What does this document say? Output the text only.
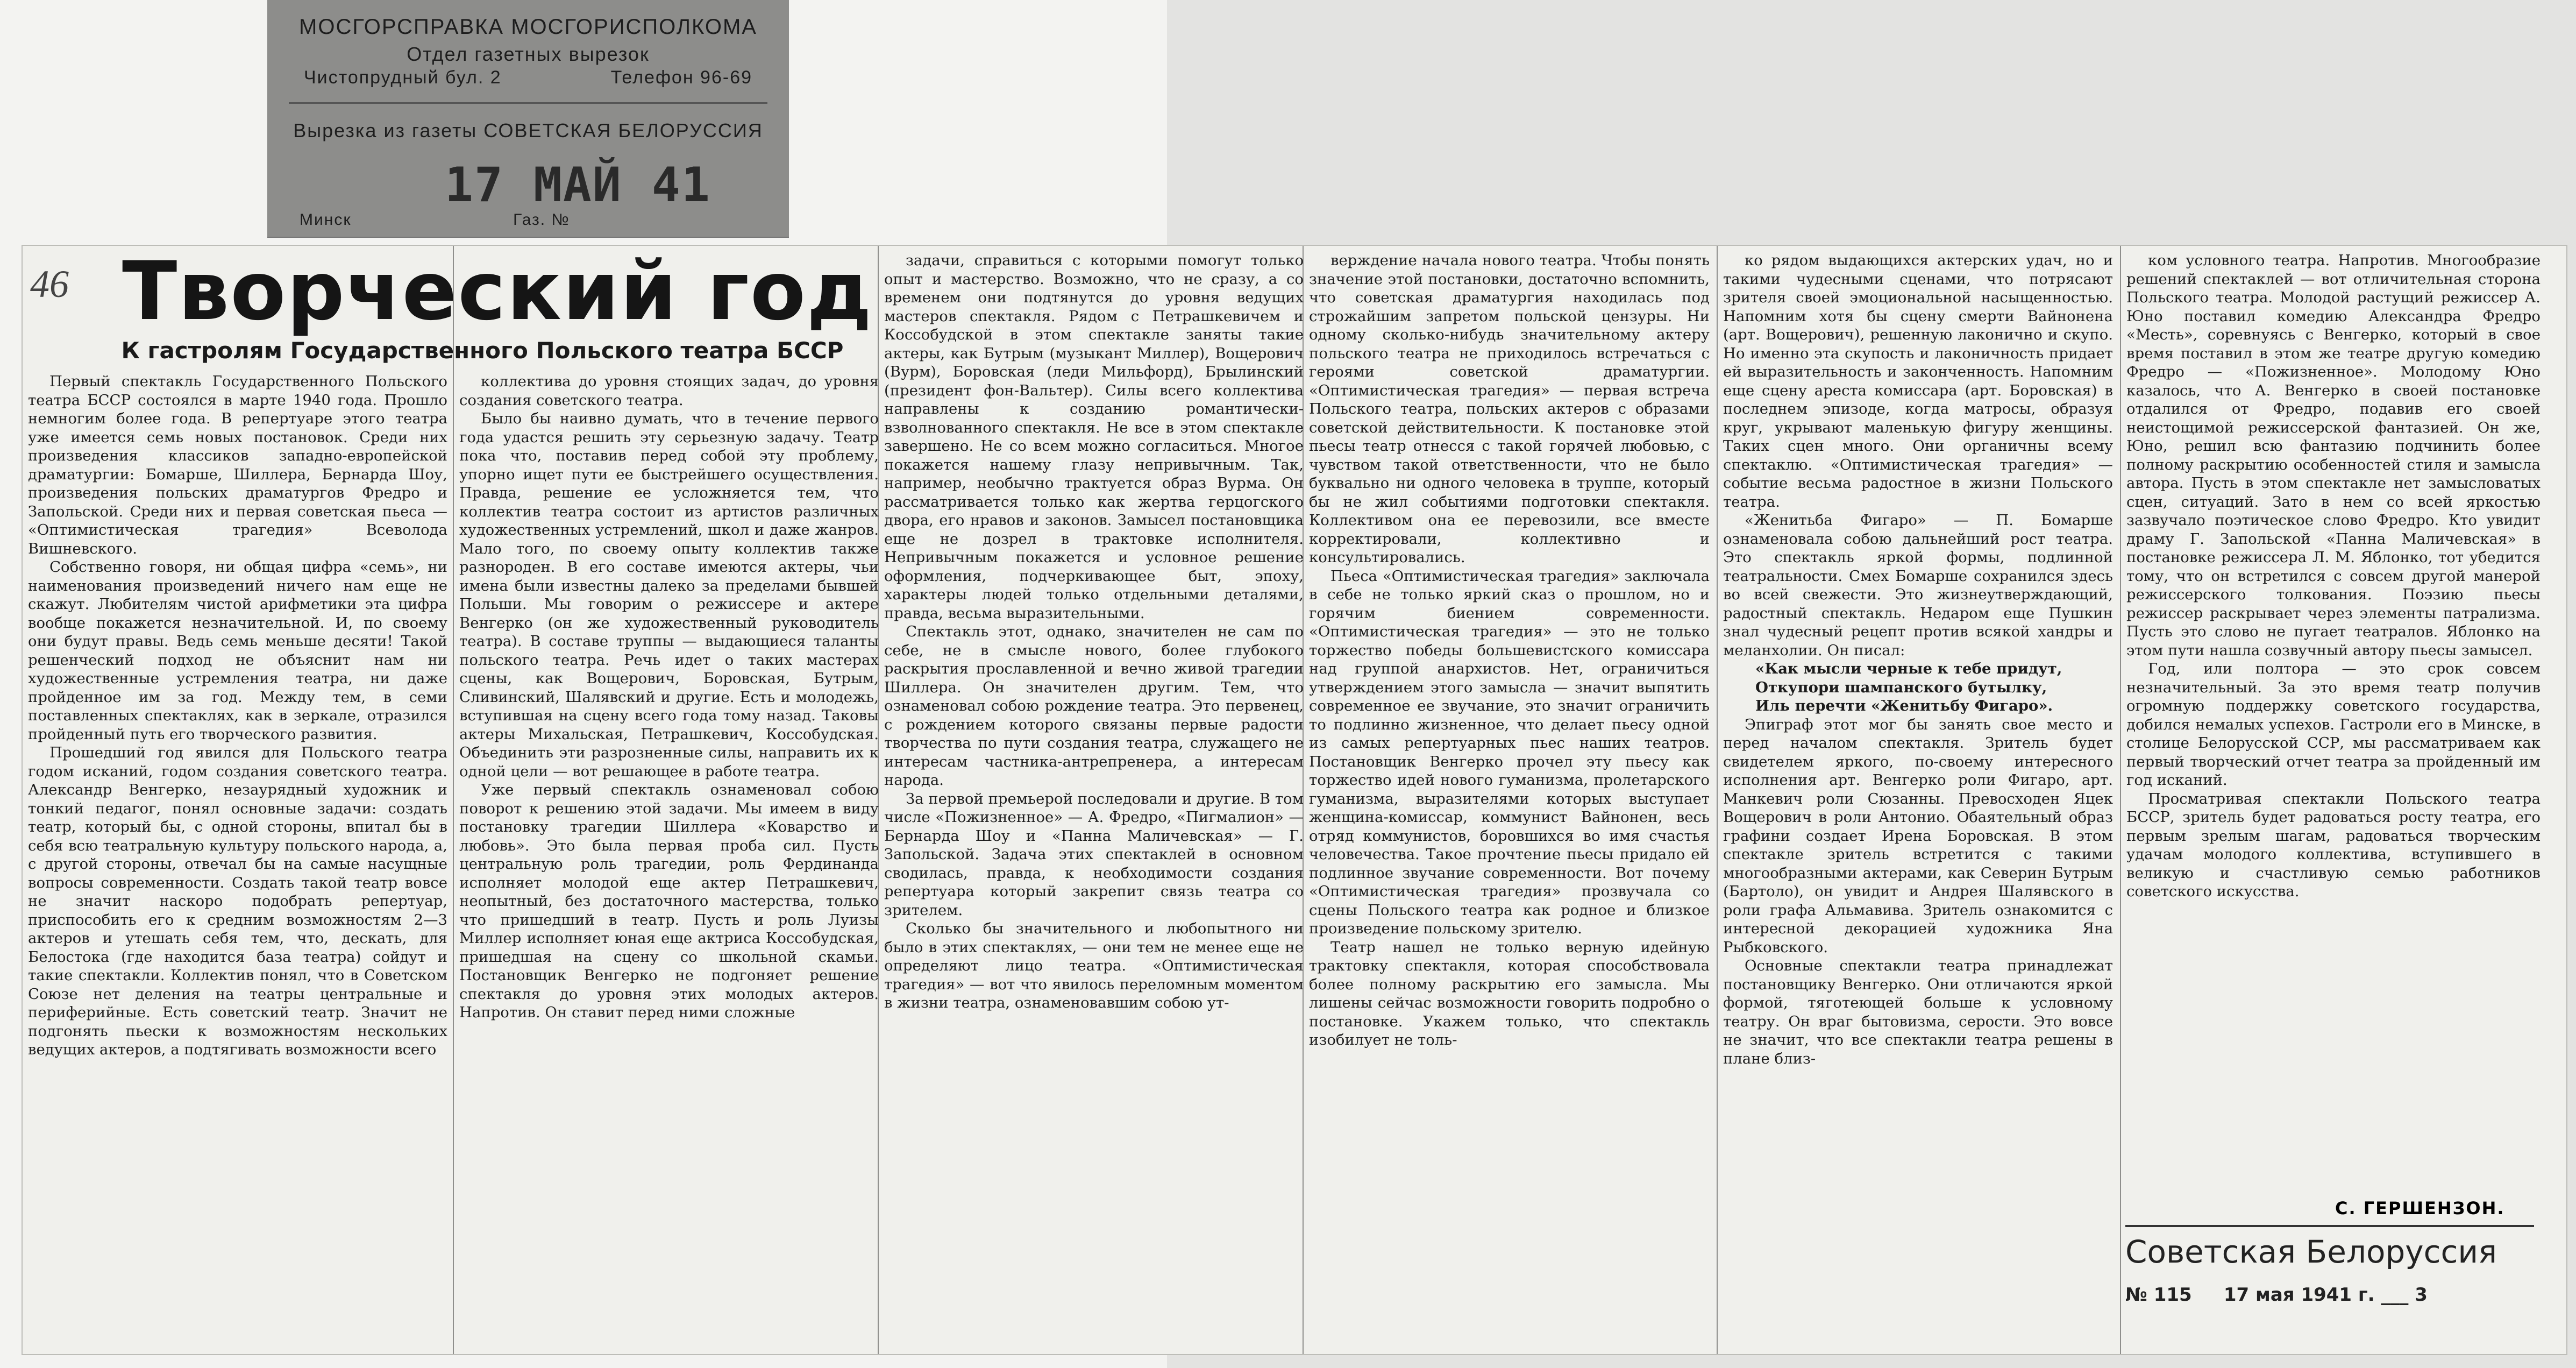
МОСГОРСПРАВКА МОСГОРИСПОЛКОМА
Отдел газетных вырезок
Чистопрудный бул. 2	Телефон 96-69
Вырезка из газеты СОВЕТСКАЯ БЕЛОРУССИЯ
17 МАЙ 41
Минск	Газ. №
46 Творческий год
К гастролям Государственного Польского театра БССР

Первый спектакль Государственного Польского театра БССР состоялся в марте 1940 года. Прошло немногим более года. В репертуаре этого театра уже имеется семь новых постановок. Среди них произведения классиков западно-европейской драматургии: Бомарше, Шиллера, Бернарда Шоу, произведения польских драматургов Фредро и Запольской. Среди них и первая советская пьеса — «Оптимистическая трагедия» Всеволода Вишневского.

Собственно говоря, ни общая цифра «семь», ни наименования произведений ничего нам еще не скажут. Любителям чистой арифметики эта цифра вообще покажется незначительной. И, по своему они будут правы. Ведь семь меньше десяти! Такой решенческий подход не объяснит нам ни художественные устремления театра, ни даже пройденное им за год. Между тем, в семи поставленных спектаклях, как в зеркале, отразился пройденный путь его творческого развития.

Прошедший год явился для Польского театра годом исканий, годом создания советского театра. Александр Венгерко, незаурядный художник и тонкий педагог, понял основные задачи: создать театр, который бы, с одной стороны, впитал бы в себя всю театральную культуру польского народа, а, с другой стороны, отвечал бы на самые насущные вопросы современности. Создать такой театр вовсе не значит наскоро подобрать репертуар, приспособить его к средним возможностям 2—3 актеров и утешать себя тем, что, дескать, для Белостока (где находится база театра) сойдут и такие спектакли. Коллектив понял, что в Советском Союзе нет деления на театры центральные и периферийные. Есть советский театр. Значит не подгонять пьески к возможностям нескольких ведущих актеров, а подтягивать возможности всего

коллектива до уровня стоящих задач, до уровня создания советского театра.

Было бы наивно думать, что в течение первого года удастся решить эту серьезную задачу. Театр пока что, поставив перед собой эту проблему, упорно ищет пути ее быстрейшего осуществления. Правда, решение ее усложняется тем, что коллектив театра состоит из артистов различных художественных устремлений, школ и даже жанров. Мало того, по своему опыту коллектив также разнороден. В его составе имеются актеры, чьи имена были известны далеко за пределами бывшей Польши. Мы говорим о режиссере и актере Венгерко (он же художественный руководитель театра). В составе труппы — выдающиеся таланты польского театра. Речь идет о таких мастерах сцены, как Вощерович, Боровская, Бутрым, Сливинский, Шалявский и другие. Есть и молодежь, вступившая на сцену всего года тому назад. Таковы актеры Михальская, Петрашкевич, Коссобудская. Объединить эти разрозненные силы, направить их к одной цели — вот решающее в работе театра.

Уже первый спектакль ознаменовал собою поворот к решению этой задачи. Мы имеем в виду постановку трагедии Шиллера «Коварство и любовь». Это была первая проба сил. Пусть центральную роль трагедии, роль Фердинанда исполняет молодой еще актер Петрашкевич, неопытный, без достаточного мастерства, только что пришедший в театр. Пусть и роль Луизы Миллер исполняет юная еще актриса Коссобудская, пришедшая на сцену со школьной скамьи. Постановщик Венгерко не подгоняет решение спектакля до уровня этих молодых актеров. Напротив. Он ставит перед ними сложные

задачи, справиться с которыми помогут только опыт и мастерство. Возможно, что не сразу, а со временем они подтянутся до уровня ведущих мастеров спектакля. Рядом с Петрашкевичем и Коссобудской в этом спектакле заняты такие актеры, как Бутрым (музыкант Миллер), Вощерович (Вурм), Боровская (леди Мильфорд), Брылинский (президент фон-Вальтер). Силы всего коллектива направлены к созданию романтически-взволнованного спектакля. Не все в этом спектакле завершено. Не со всем можно согласиться. Многое покажется нашему глазу непривычным. Так, например, необычно трактуется образ Вурма. Он рассматривается только как жертва герцогского двора, его нравов и законов. Замысел постановщика еще не дозрел в трактовке исполнителя. Непривычным покажется и условное решение оформления, подчеркивающее быт, эпоху, характеры людей только отдельными деталями, правда, весьма выразительными.

Спектакль этот, однако, значителен не сам по себе, не в смысле нового, более глубокого раскрытия прославленной и вечно живой трагедии Шиллера. Он значителен другим. Тем, что ознаменовал собою рождение театра. Это первенец, с рождением которого связаны первые радости творчества по пути создания театра, служащего не интересам частника-антрепренера, а интересам народа.

За первой премьерой последовали и другие. В том числе «Пожизненное» — А. Фредро, «Пигмалион» — Бернарда Шоу и «Панна Маличевская» — Г. Запольской. Задача этих спектаклей в основном сводилась, правда, к необходимости создания репертуара который закрепит связь театра со зрителем.

Сколько бы значительного и любопытного ни было в этих спектаклях, — они тем не менее еще не определяют лицо театра. «Оптимистическая трагедия» — вот что явилось переломным моментом в жизни театра, ознаменовавшим собою ут-

верждение начала нового театра. Чтобы понять значение этой постановки, достаточно вспомнить, что советская драматургия находилась под строжайшим запретом польской цензуры. Ни одному сколько-нибудь значительному актеру польского театра не приходилось встречаться с героями советской драматургии. «Оптимистическая трагедия» — первая встреча Польского театра, польских актеров с образами советской действительности. К постановке этой пьесы театр отнесся с такой горячей любовью, с чувством такой ответственности, что не было буквально ни одного человека в труппе, который бы не жил событиями подготовки спектакля. Коллективом она ее перевозили, все вместе корректировали, коллективно и консультировались.

Пьеса «Оптимистическая трагедия» заключала в себе не только яркий сказ о прошлом, но и горячим биением современности. «Оптимистическая трагедия» — это не только торжество победы большевистского комиссара над группой анархистов. Нет, ограничиться утверждением этого замысла — значит выпятить современное ее звучание, это значит ограничить то подлинно жизненное, что делает пьесу одной из самых репертуарных пьес наших театров. Постановщик Венгерко прочел эту пьесу как торжество идей нового гуманизма, пролетарского гуманизма, выразителями которых выступает женщина-комиссар, коммунист Вайнонен, весь отряд коммунистов, боровшихся во имя счастья человечества. Такое прочтение пьесы придало ей подлинное звучание современности. Вот почему «Оптимистическая трагедия» прозвучала со сцены Польского театра как родное и близкое произведение польскому зрителю.

Театр нашел не только верную идейную трактовку спектакля, которая способствовала более полному раскрытию его замысла. Мы лишены сейчас возможности говорить подробно о постановке. Укажем только, что спектакль изобилует не толь-

ко рядом выдающихся актерских удач, но и такими чудесными сценами, что потрясают зрителя своей эмоциональной насыщенностью. Напомним хотя бы сцену смерти Вайнонена (арт. Вощерович), решенную лаконично и скупо. Но именно эта скупость и лаконичность придает ей выразительность и законченность. Напомним еще сцену ареста комиссара (арт. Боровская) в последнем эпизоде, когда матросы, образуя круг, укрывают маленькую фигуру женщины. Таких сцен много. Они органичны всему спектаклю. «Оптимистическая трагедия» — событие весьма радостное в жизни Польского театра.

«Женитьба Фигаро» — П. Бомарше ознаменовала собою дальнейший рост театра. Это спектакль яркой формы, подлинной театральности. Смех Бомарше сохранился здесь во всей свежести. Это жизнеутверждающий, радостный спектакль. Недаром еще Пушкин знал чудесный рецепт против всякой хандры и меланхолии. Он писал:

«Как мысли черные к тебе придут,

Откупори шампанского бутылку,

Иль перечти «Женитьбу Фигаро».

Эпиграф этот мог бы занять свое место и перед началом спектакля. Зритель будет свидетелем яркого, по-своему интересного исполнения арт. Венгерко роли Фигаро, арт. Манкевич роли Сюзанны. Превосходен Яцек Вощерович в роли Антонио. Обаятельный образ графини создает Ирена Боровская. В этом спектакле зритель встретится с такими многообразными актерами, как Северин Бутрым (Бартоло), он увидит и Андрея Шалявского в роли графа Альмавива. Зритель ознакомится с интересной декорацией художника Яна Рыбковского.

Основные спектакли театра принадлежат постановщику Венгерко. Они отличаются яркой формой, тяготеющей больше к условному театру. Он враг бытовизма, серости. Это вовсе не значит, что все спектакли театра решены в плане близ-

ком условного театра. Напротив. Многообразие решений спектаклей — вот отличительная сторона Польского театра. Молодой растущий режиссер А. Юно поставил комедию Александра Фредро «Месть», соревнуясь с Венгерко, который в свое время поставил в этом же театре другую комедию Фредро — «Пожизненное». Молодому Юно казалось, что А. Венгерко в своей постановке отдалился от Фредро, подавив его своей неистощимой режиссерской фантазией. Он же, Юно, решил всю фантазию подчинить более полному раскрытию особенностей стиля и замысла автора. Пусть в этом спектакле нет замысловатых сцен, ситуаций. Зато в нем со всей яркостью зазвучало поэтическое слово Фредро. Кто увидит драму Г. Запольской «Панна Маличевская» в постановке режиссера Л. М. Яблонко, тот убедится тому, что он встретился с совсем другой манерой режиссерского толкования. Поэзию пьесы режиссер раскрывает через элементы патрализма. Пусть это слово не пугает театралов. Яблонко на этом пути нашла созвучный автору пьесы замысел.

Год, или полтора — это срок совсем незначительный. За это время театр получив огромную поддержку советского государства, добился немалых успехов. Гастроли его в Минске, в столице Белорусской ССР, мы рассматриваем как первый творческий отчет театра за пройденный им год исканий.

Просматривая спектакли Польского театра БССР, зритель будет радоваться росту театра, его первым зрелым шагам, радоваться творческим удачам молодого коллектива, вступившего в великую и счастливую семью работников советского искусства.

С. ГЕРШЕНЗОН.
Советская Белоруссия
№ 115     17 мая 1941 г. ___ 3
